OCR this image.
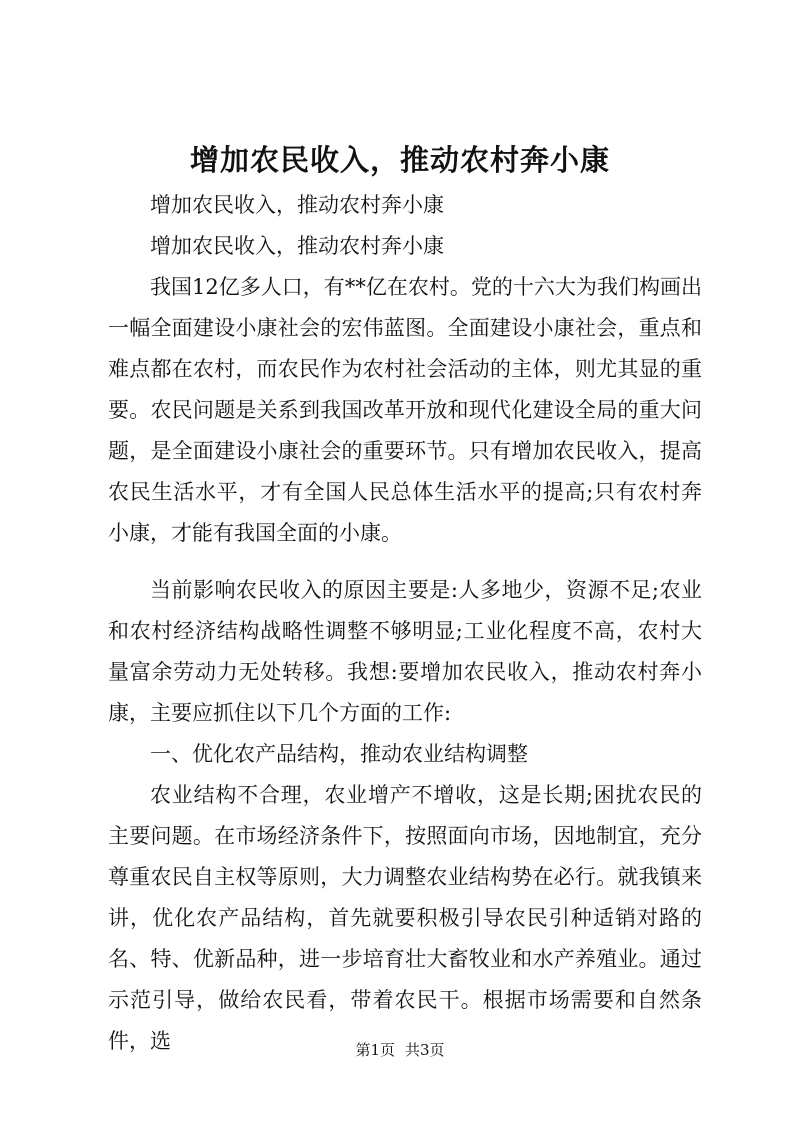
增加农民收入，推动农村奔小康

增加农民收入，推动农村奔小康

增加农民收入，推动农村奔小康

我国12亿多人口，有**亿在农村。党的十六大为我们构画出一幅全面建设小康社会的宏伟蓝图。全面建设小康社会，重点和难点都在农村，而农民作为农村社会活动的主体，则尤其显的重要。农民问题是关系到我国改革开放和现代化建设全局的重大问题，是全面建设小康社会的重要环节。只有增加农民收入，提高农民生活水平，才有全国人民总体生活水平的提高;只有农村奔小康，才能有我国全面的小康。

当前影响农民收入的原因主要是:人多地少，资源不足;农业和农村经济结构战略性调整不够明显;工业化程度不高，农村大量富余劳动力无处转移。我想:要增加农民收入，推动农村奔小康，主要应抓住以下几个方面的工作:

一、优化农产品结构，推动农业结构调整

农业结构不合理，农业增产不增收，这是长期;困扰农民的主要问题。在市场经济条件下，按照面向市场，因地制宜，充分尊重农民自主权等原则，大力调整农业结构势在必行。就我镇来讲，优化农产品结构，首先就要积极引导农民引种适销对路的名、特、优新品种，进一步培育壮大畜牧业和水产养殖业。通过示范引导，做给农民看，带着农民干。根据市场需要和自然条件，选	第1页 共3页
